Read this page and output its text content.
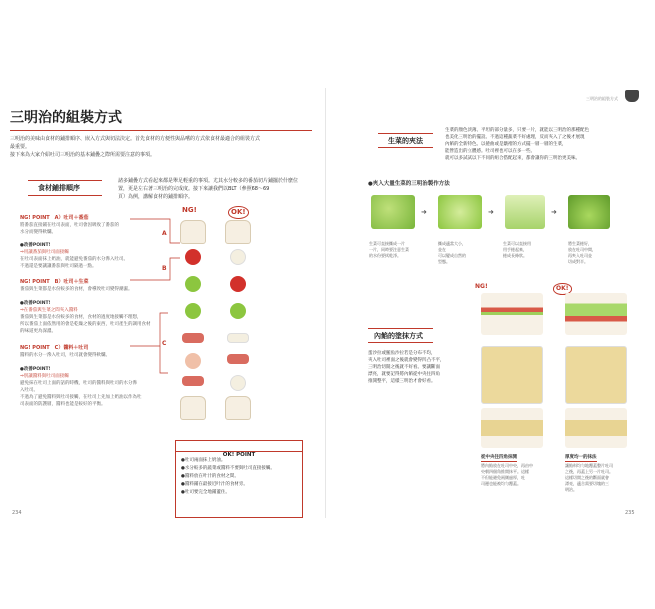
三明治的組裝方式
三明治的美味由食材的鋪排順序、嵌入方式與切法決定。首先食材的方便性與品嚐的方式依食材最適合的組裝方式
最重要。
接下來為大家介紹吐司三明治的基本鋪疊之際所需要注意的事項。
食材鋪排順序
諸多鋪疊方式看起來都是舉足輕重的事項。尤其水分較多的番茄切片鋪擺於什麼位
置，更是左右著三明治的完成度。接下來讓我們以BLT（參照68～69
頁）為例，講解食材的鋪排順序。
NG! POINT　A）吐司＋番茄
將番茄直接鋪在吐司表面，吐司會因吸收了番茄的
水分而變得軟爛。
●改善POINT!
⇒用讓番茄與吐司面接觸
在吐司表面抹上奶油，就能避免番茄的水分滲入吐司。
不過還是要讓讓番茄與吐司隔過一點。
NG! POINT　B）吐司＋生菜
番茄與生菜都是水份較多的食材，會導致吐司變得潮濕。
●改善POINT!
⇒在番茄與生菜之間夾入醬料
番茄與生菜都是水份較多的食材，食材的過度地接觸不理想，
所以番茄上面依然用的會是乾燥之後的東西，吐司產生的調用食材
的味道更為深濃。
NG! POINT　C）醬料＋吐司
醬料的水分一滲入吐司，吐司就會變得軟爛。
●改善POINT!
⇒別讓醬料與吐司面接觸
避免抹在吐司上面的話的時機，吐司的醬料與吐司的水分滲
入吐司。
不過為了避免醬料與吐司接觸，在吐司上先加上奶油以作為吐
司表面的防護層，醬料也能是較好的平衡。
A
B
C
NG!	OK!
OK! POINT
●吐司兩面抹上奶油。
●水分較多的蔬菜或醬料不要與吐司直接接觸。
●醬料放在叶汁的食材之間。
●醬料鋪在最接近叶汁的食材旁。
●吐司要完全地鋪蓋住。
234
三明治的組裝方式
生菜的夾法
生菜的顏色淡薄、平坦的部分量多，只要一片，就能以三明治的那種配色
也美化三明治的擺設。不過這種蔬菜不好處理，反而夾入了之後才展現
內餡的全新特色。以捲曲或是皺褶的方式擺一層一層的生菜，
能營造出的立體感。吐司裡也可以在多一些。
就可以多試試以下不同的組合搭配起來，都會讓你的三明治更美味。
●夾入大量生菜的三明治製作方法
➜	➜	➜
生菜可直接撕成一片
一片，同時要注意生菜
的水份要拭乾淨。
撕成適當大小，
並在
可以變成自然的
型態。
生菜可以直接用
用手捲起來，
捲成長條狀。
將生菜捲好，
放在吐司中間，
再夾入吐司並
切成對半。
NG!	OK!
內餡的塗抹方式
蛋沙拉或鮪魚沙拉若是分布不均，
夾入吐司裡面之後就會變得凹凸不平，
三明治切開之後就不好看。要讓斷面
漂亮，就要記得將內餡從中央往四角
推開整平，這樣三明治才會好看。
從中央往四角抹開
將內餡放在吐司中央，再由中
央朝四個角推開抹平。這樣
不但能避免兩側過厚，吐
司邊也能被均勻覆蓋。
厚度均一的抹法
讓餡料均勻地覆蓋整片吐司
之後，再蓋上另一片吐司。
這樣切開之後的斷面就會
漂亮，適合需要切塊的三
明治。
235
